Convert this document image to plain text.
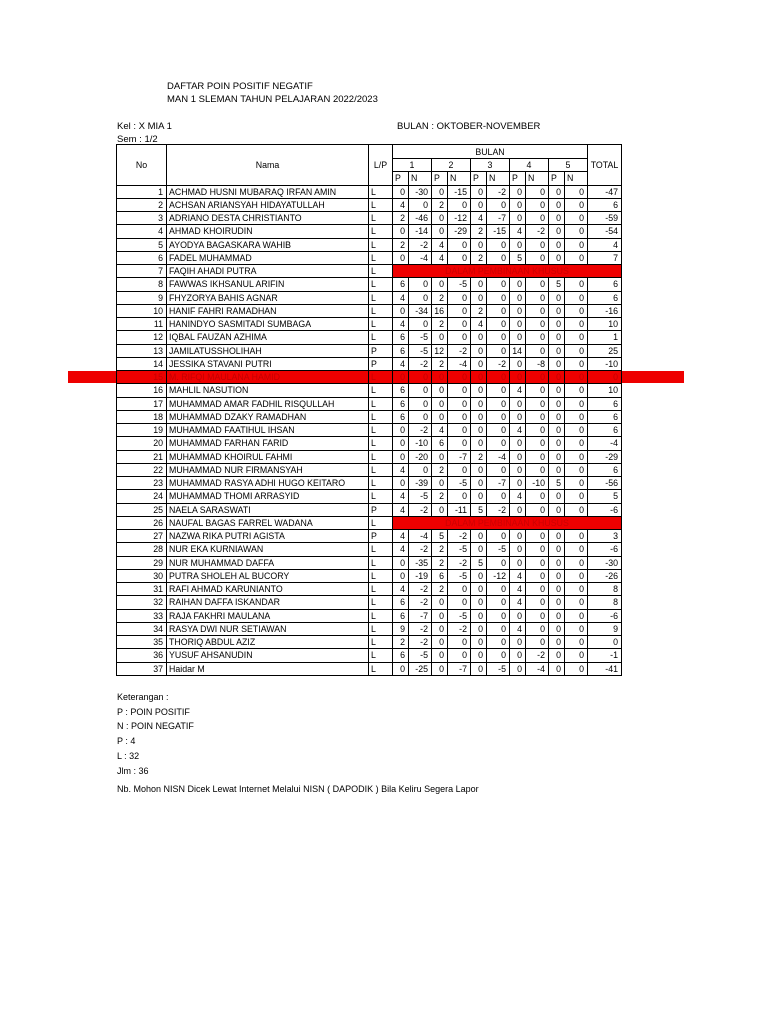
DAFTAR POIN POSITIF NEGATIF
MAN 1 SLEMAN TAHUN PELAJARAN 2022/2023
Kel : X MIA 1
Sem : 1/2
BULAN : OKTOBER-NOVEMBER
No	Nama	L/P	BULAN										TOTAL
			1		2		3		4		5		
			P	N	P	N	P	N	P	N	P	N	
1	ACHMAD HUSNI MUBARAQ IRFAN AMIN	L	0	-30	0	-15	0	-2	0	0	0	0	-47
2	ACHSAN ARIANSYAH HIDAYATULLAH	L	4	0	2	0	0	0	0	0	0	0	6
3	ADRIANO DESTA CHRISTIANTO	L	2	-46	0	-12	4	-7	0	0	0	0	-59
4	AHMAD KHOIRUDIN	L	0	-14	0	-29	2	-15	4	-2	0	0	-54
5	AYODYA BAGASKARA WAHIB	L	2	-2	4	0	0	0	0	0	0	0	4
6	FADEL MUHAMMAD	L	0	-4	4	0	2	0	5	0	0	0	7
7	FAQIH AHADI PUTRA	L	DALAM PEMBINAAN KHUSUS										
8	FAWWAS IKHSANUL ARIFIN	L	6	0	0	-5	0	0	0	0	5	0	6
9	FHYZORYA BAHIS AGNAR	L	4	0	2	0	0	0	0	0	0	0	6
10	HANIF FAHRI RAMADHAN	L	0	-34	16	0	2	0	0	0	0	0	-16
11	HANINDYO SASMITADI SUMBAGA	L	4	0	2	0	4	0	0	0	0	0	10
12	IQBAL FAUZAN AZHIMA	L	6	-5	0	0	0	0	0	0	0	0	1
13	JAMILATUSSHOLIHAH	P	6	-5	12	-2	0	0	14	0	0	0	25
14	JESSIKA STAVANI PUTRI	P	4	-2	2	-4	0	-2	0	-8	0	0	-10
15	M. RIFQI MAULANA HAMID	L	0	0	0	0	0	0	0	0	0	0	0
16	MAHLIL NASUTION	L	6	0	0	0	0	0	4	0	0	0	10
17	MUHAMMAD AMAR FADHIL RISQULLAH	L	6	0	0	0	0	0	0	0	0	0	6
18	MUHAMMAD DZAKY RAMADHAN	L	6	0	0	0	0	0	0	0	0	0	6
19	MUHAMMAD FAATIHUL IHSAN	L	0	-2	4	0	0	0	4	0	0	0	6
20	MUHAMMAD FARHAN FARID	L	0	-10	6	0	0	0	0	0	0	0	-4
21	MUHAMMAD KHOIRUL FAHMI	L	0	-20	0	-7	2	-4	0	0	0	0	-29
22	MUHAMMAD NUR FIRMANSYAH	L	4	0	2	0	0	0	0	0	0	0	6
23	MUHAMMAD RASYA ADHI HUGO KEITARO	L	0	-39	0	-5	0	-7	0	-10	5	0	-56
24	MUHAMMAD THOMI ARRASYID	L	4	-5	2	0	0	0	4	0	0	0	5
25	NAELA SARASWATI	P	4	-2	0	-11	5	-2	0	0	0	0	-6
26	NAUFAL BAGAS FARREL WADANA	L	DALAM PEMBINAAN KHUSUS										
27	NAZWA RIKA PUTRI AGISTA	P	4	-4	5	-2	0	0	0	0	0	0	3
28	NUR EKA KURNIAWAN	L	4	-2	2	-5	0	-5	0	0	0	0	-6
29	NUR MUHAMMAD DAFFA	L	0	-35	2	-2	5	0	0	0	0	0	-30
30	PUTRA SHOLEH AL BUCORY	L	0	-19	6	-5	0	-12	4	0	0	0	-26
31	RAFI AHMAD KARUNIANTO	L	4	-2	2	0	0	0	4	0	0	0	8
32	RAIHAN DAFFA ISKANDAR	L	6	-2	0	0	0	0	4	0	0	0	8
33	RAJA FAKHRI MAULANA	L	6	-7	0	-5	0	0	0	0	0	0	-6
34	RASYA DWI NUR SETIAWAN	L	9	-2	0	-2	0	0	4	0	0	0	9
35	THORIQ ABDUL AZIZ	L	2	-2	0	0	0	0	0	0	0	0	0
36	YUSUF AHSANUDIN	L	6	-5	0	0	0	0	0	-2	0	0	-1
37	Haidar M	L	0	-25	0	-7	0	-5	0	-4	0	0	-41
Keterangan :
P : POIN POSITIF
N : POIN NEGATIF
P : 4
L : 32
Jlm : 36
Nb. Mohon NISN Dicek Lewat Internet Melalui NISN ( DAPODIK ) Bila Keliru Segera Lapor
